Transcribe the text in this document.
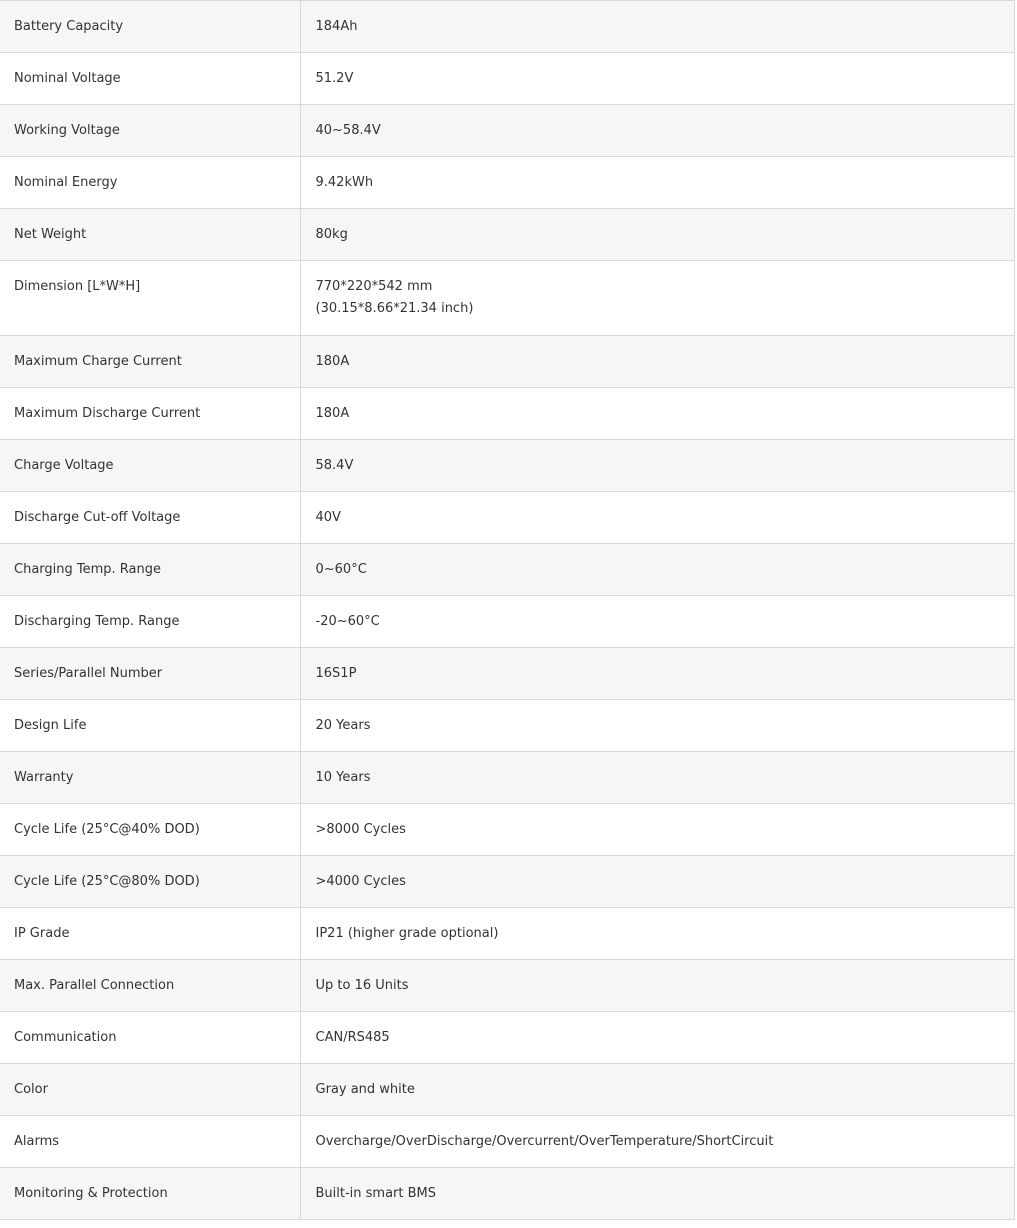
Battery Capacity	184Ah

Nominal Voltage	51.2V

Working Voltage	40~58.4V

Nominal Energy	9.42kWh

Net Weight	80kg

Dimension [L*W*H]	770*220*542 mm
(30.15*8.66*21.34 inch)

Maximum Charge Current	180A

Maximum Discharge Current	180A

Charge Voltage	58.4V

Discharge Cut-off Voltage	40V

Charging Temp. Range	0~60°C

Discharging Temp. Range	-20~60°C

Series/Parallel Number	16S1P

Design Life	20 Years

Warranty	10 Years

Cycle Life (25°C@40% DOD)	>8000 Cycles

Cycle Life (25°C@80% DOD)	>4000 Cycles

IP Grade	IP21 (higher grade optional)

Max. Parallel Connection	Up to 16 Units

Communication	CAN/RS485

Color	Gray and white

Alarms	Overcharge/OverDischarge/Overcurrent/OverTemperature/ShortCircuit

Monitoring & Protection	Built-in smart BMS
